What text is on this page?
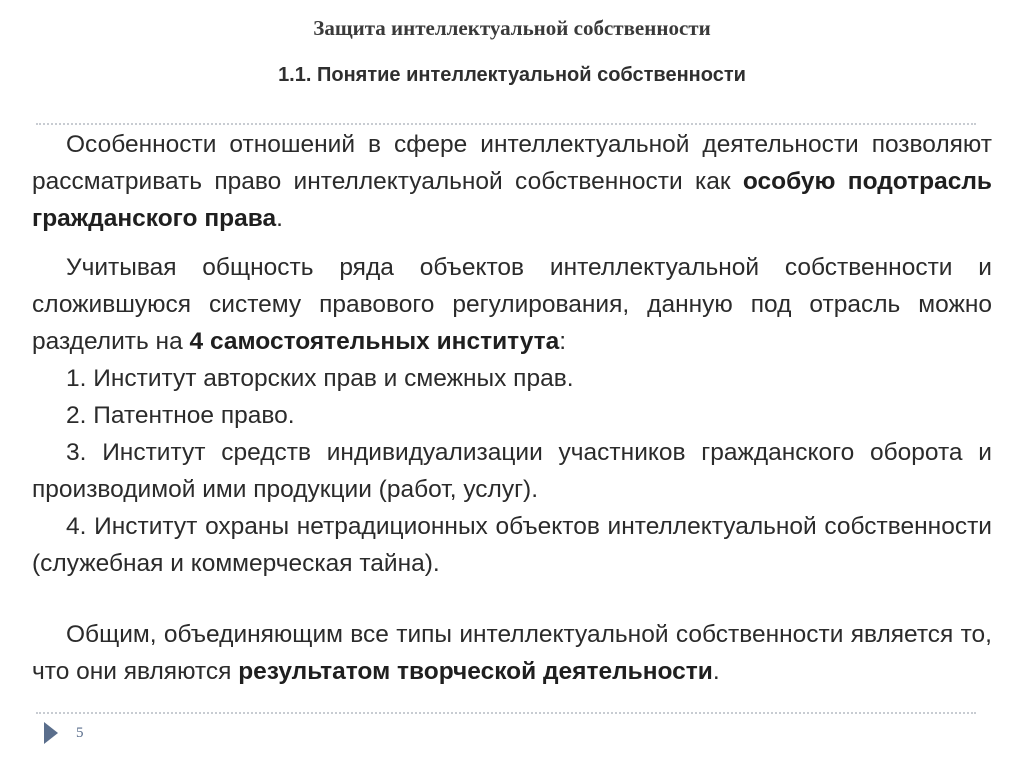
Защита интеллектуальной собственности
1.1. Понятие интеллектуальной собственности

Особенности отношений в сфере интеллектуальной деятельности позволяют рассматривать право интеллектуальной собственности как особую подотрасль гражданского права.

Учитывая общность ряда объектов интеллектуальной собственности и сложившуюся систему правового регулирования, данную под отрасль можно разделить на 4 самостоятельных института:

1. Институт авторских прав и смежных прав.

2. Патентное право.

3. Институт средств индивидуализации участников гражданского оборота и производимой ими продукции (работ, услуг).

4. Институт охраны нетрадиционных объектов интеллектуальной собственности (служебная и коммерческая тайна).

Общим, объединяющим все типы интеллектуальной собственности является то, что они являются результатом творческой деятельности.

5
